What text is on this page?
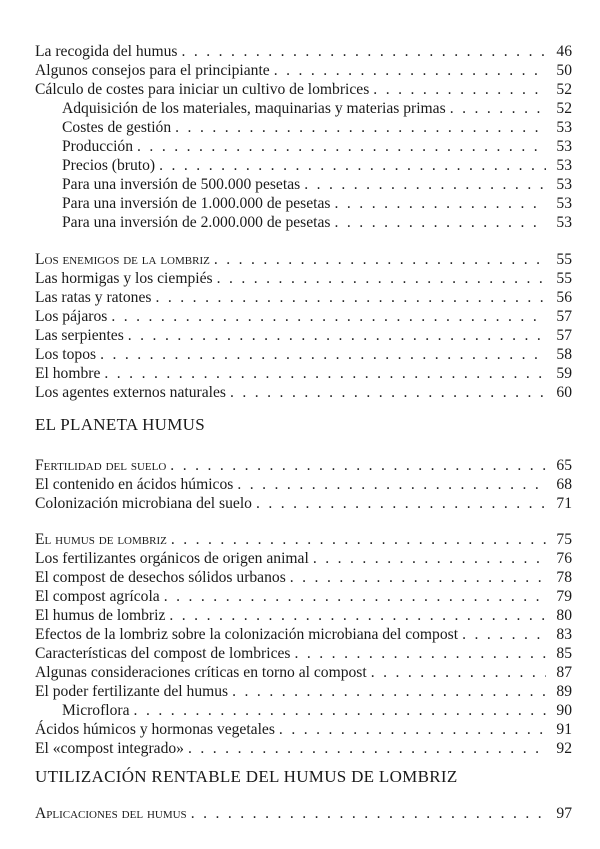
La recogida del humus . . .	46
Algunos consejos para el principiante . . .	50
Cálculo de costes para iniciar un cultivo de lombrices . . .	52
Adquisición de los materiales, maquinarias y materias primas . . .	52
Costes de gestión . . .	53
Producción . . .	53
Precios (bruto) . . .	53
Para una inversión de 500.000 pesetas . . .	53
Para una inversión de 1.000.000 de pesetas . . .	53
Para una inversión de 2.000.000 de pesetas . . .	53
Los enemigos de la lombriz . . .	55
Las hormigas y los ciempiés . . .	55
Las ratas y ratones . . .	56
Los pájaros . . .	57
Las serpientes . . .	57
Los topos . . .	58
El hombre . . .	59
Los agentes externos naturales . . .	60
EL PLANETA HUMUS
Fertilidad del suelo . . .	65
El contenido en ácidos húmicos . . .	68
Colonización microbiana del suelo . . .	71
El humus de lombriz . . .	75
Los fertilizantes orgánicos de origen animal . . .	76
El compost de desechos sólidos urbanos . . .	78
El compost agrícola . . .	79
El humus de lombriz . . .	80
Efectos de la lombriz sobre la colonización microbiana del compost . . .	83
Características del compost de lombrices . . .	85
Algunas consideraciones críticas en torno al compost . . .	87
El poder fertilizante del humus . . .	89
Microflora . . .	90
Ácidos húmicos y hormonas vegetales . . .	91
El «compost integrado» . . .	92
UTILIZACIÓN RENTABLE DEL HUMUS DE LOMBRIZ
Aplicaciones del humus . . .	97
